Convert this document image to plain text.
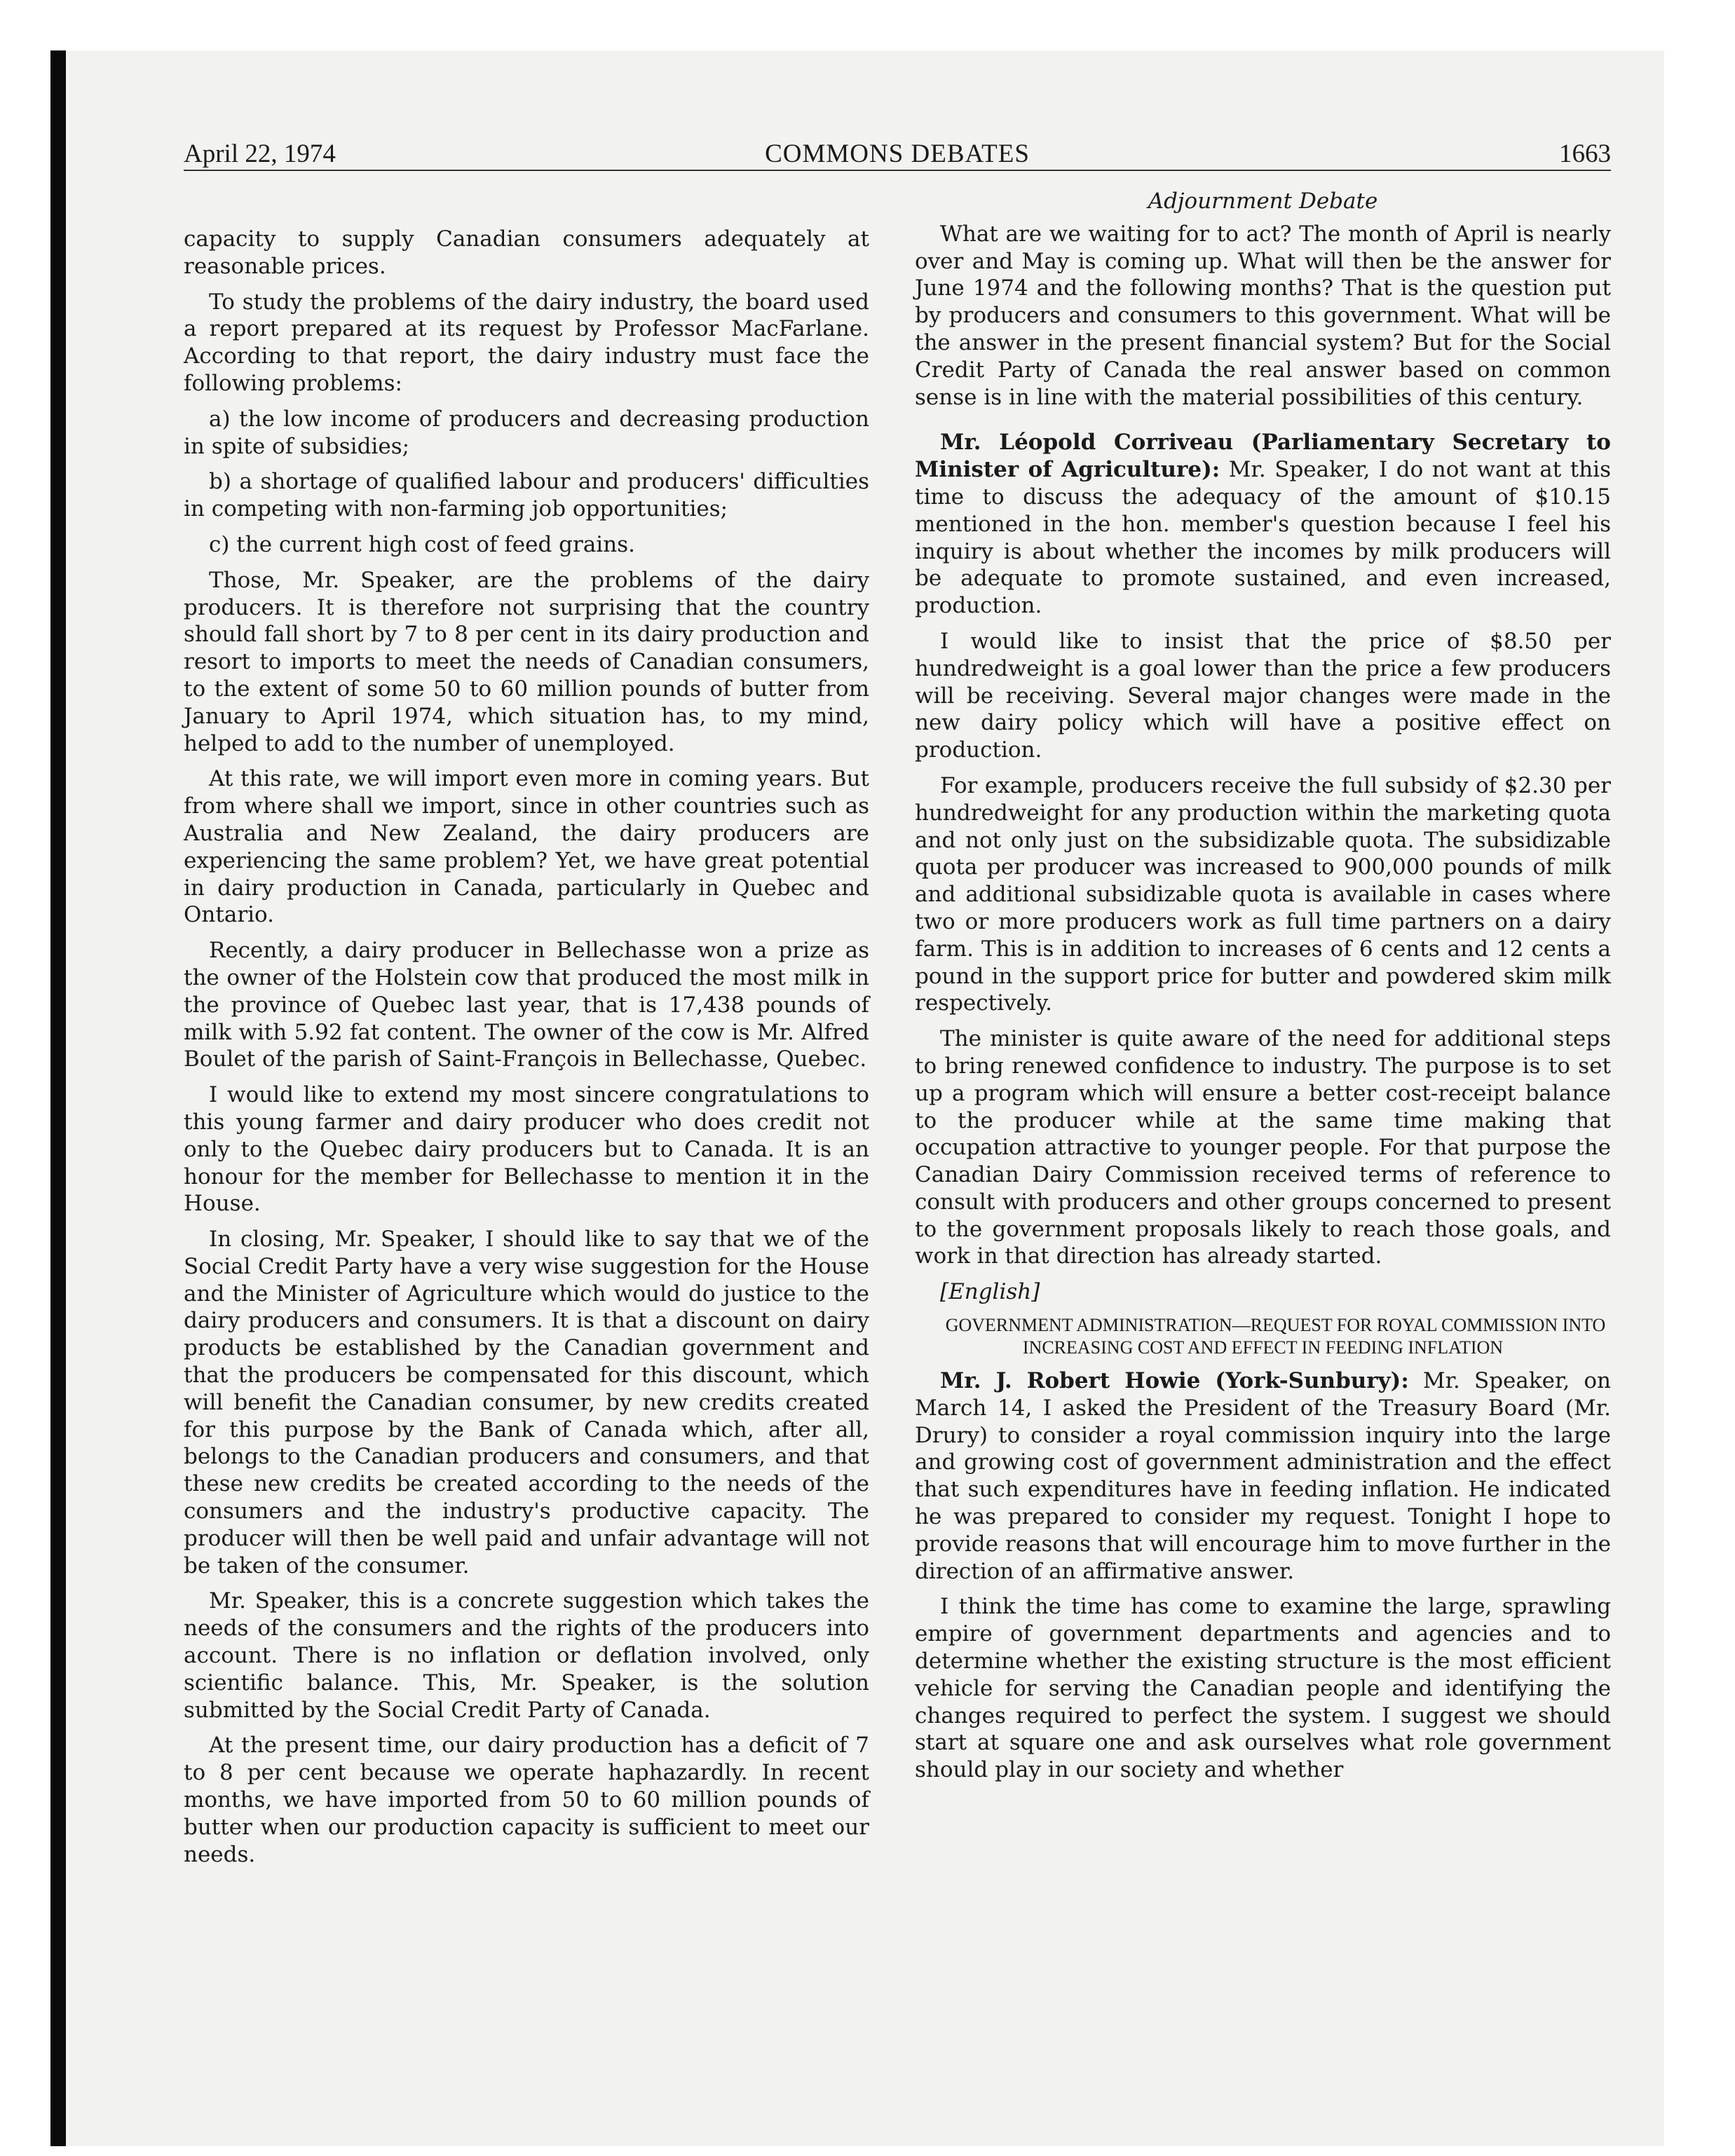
April 22, 1974	COMMONS DEBATES	1663

capacity to supply Canadian consumers adequately at reasonable prices.

To study the problems of the dairy industry, the board used a report prepared at its request by Professor MacFarlane. According to that report, the dairy industry must face the following problems:

a) the low income of producers and decreasing production in spite of subsidies;

b) a shortage of qualified labour and producers' difficulties in competing with non-farming job opportunities;

c) the current high cost of feed grains.

Those, Mr. Speaker, are the problems of the dairy producers. It is therefore not surprising that the country should fall short by 7 to 8 per cent in its dairy production and resort to imports to meet the needs of Canadian consumers, to the extent of some 50 to 60 million pounds of butter from January to April 1974, which situation has, to my mind, helped to add to the number of unemployed.

At this rate, we will import even more in coming years. But from where shall we import, since in other countries such as Australia and New Zealand, the dairy producers are experiencing the same problem? Yet, we have great potential in dairy production in Canada, particularly in Quebec and Ontario.

Recently, a dairy producer in Bellechasse won a prize as the owner of the Holstein cow that produced the most milk in the province of Quebec last year, that is 17,438 pounds of milk with 5.92 fat content. The owner of the cow is Mr. Alfred Boulet of the parish of Saint-François in Bellechasse, Quebec.

I would like to extend my most sincere congratulations to this young farmer and dairy producer who does credit not only to the Quebec dairy producers but to Canada. It is an honour for the member for Bellechasse to mention it in the House.

In closing, Mr. Speaker, I should like to say that we of the Social Credit Party have a very wise suggestion for the House and the Minister of Agriculture which would do justice to the dairy producers and consumers. It is that a discount on dairy products be established by the Canadian government and that the producers be compensated for this discount, which will benefit the Canadian consumer, by new credits created for this purpose by the Bank of Canada which, after all, belongs to the Canadian producers and consumers, and that these new credits be created according to the needs of the consumers and the industry's productive capacity. The producer will then be well paid and unfair advantage will not be taken of the consumer.

Mr. Speaker, this is a concrete suggestion which takes the needs of the consumers and the rights of the producers into account. There is no inflation or deflation involved, only scientific balance. This, Mr. Speaker, is the solution submitted by the Social Credit Party of Canada.

At the present time, our dairy production has a deficit of 7 to 8 per cent because we operate haphazardly. In recent months, we have imported from 50 to 60 million pounds of butter when our production capacity is sufficient to meet our needs.

Adjournment Debate

What are we waiting for to act? The month of April is nearly over and May is coming up. What will then be the answer for June 1974 and the following months? That is the question put by producers and consumers to this government. What will be the answer in the present financial system? But for the Social Credit Party of Canada the real answer based on common sense is in line with the material possibilities of this century.

Mr. Léopold Corriveau (Parliamentary Secretary to Minister of Agriculture): Mr. Speaker, I do not want at this time to discuss the adequacy of the amount of $10.15 mentioned in the hon. member's question because I feel his inquiry is about whether the incomes by milk producers will be adequate to promote sustained, and even increased, production.

I would like to insist that the price of $8.50 per hundredweight is a goal lower than the price a few producers will be receiving. Several major changes were made in the new dairy policy which will have a positive effect on production.

For example, producers receive the full subsidy of $2.30 per hundredweight for any production within the marketing quota and not only just on the subsidizable quota. The subsidizable quota per producer was increased to 900,000 pounds of milk and additional subsidizable quota is available in cases where two or more producers work as full time partners on a dairy farm. This is in addition to increases of 6 cents and 12 cents a pound in the support price for butter and powdered skim milk respectively.

The minister is quite aware of the need for additional steps to bring renewed confidence to industry. The purpose is to set up a program which will ensure a better cost-receipt balance to the producer while at the same time making that occupation attractive to younger people. For that purpose the Canadian Dairy Commission received terms of reference to consult with producers and other groups concerned to present to the government proposals likely to reach those goals, and work in that direction has already started.

[English]

GOVERNMENT ADMINISTRATION—REQUEST FOR ROYAL COMMISSION INTO INCREASING COST AND EFFECT IN FEEDING INFLATION

Mr. J. Robert Howie (York-Sunbury): Mr. Speaker, on March 14, I asked the President of the Treasury Board (Mr. Drury) to consider a royal commission inquiry into the large and growing cost of government administration and the effect that such expenditures have in feeding inflation. He indicated he was prepared to consider my request. Tonight I hope to provide reasons that will encourage him to move further in the direction of an affirmative answer.

I think the time has come to examine the large, sprawling empire of government departments and agencies and to determine whether the existing structure is the most efficient vehicle for serving the Canadian people and identifying the changes required to perfect the system. I suggest we should start at square one and ask ourselves what role government should play in our society and whether
